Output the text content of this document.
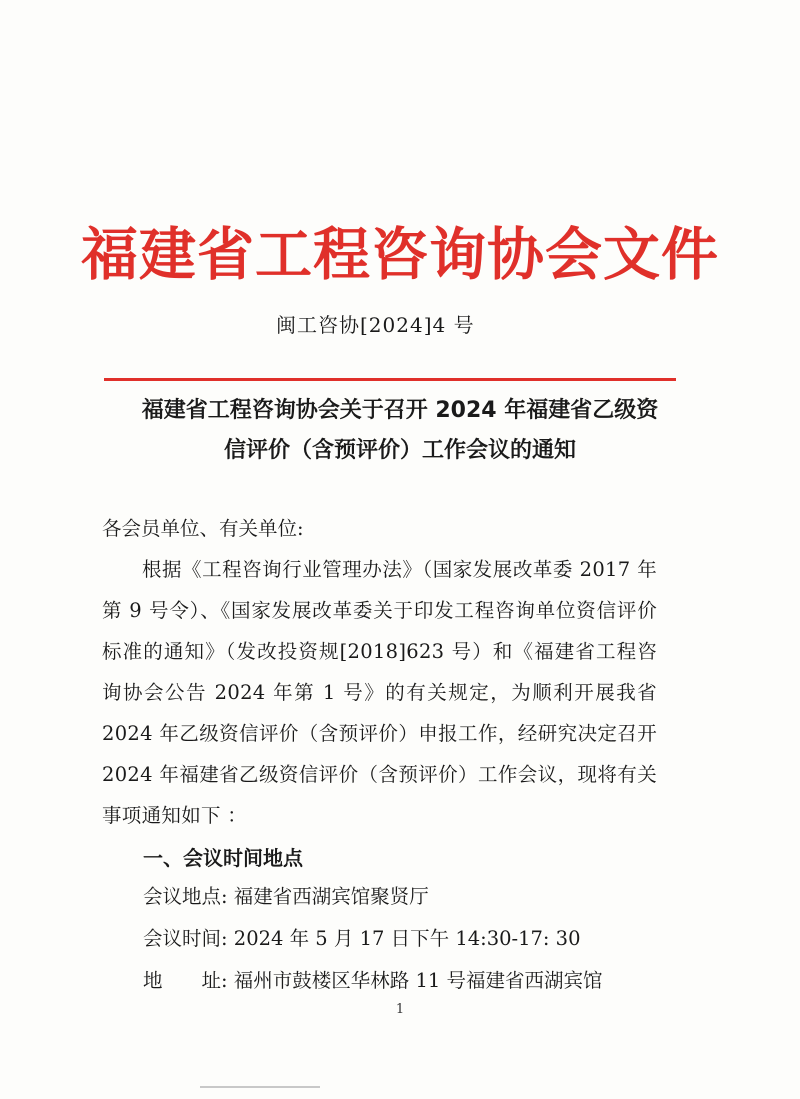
福建省工程咨询协会文件
闽工咨协[2024]4 号
福建省工程咨询协会关于召开 2024 年福建省乙级资
信评价（含预评价）工作会议的通知
各会员单位、有关单位:
根据《工程咨询行业管理办法》（国家发展改革委 2017 年第 9 号令）、《国家发展改革委关于印发工程咨询单位资信评价标准的通知》（发改投资规[2018]623 号）和《福建省工程咨询协会公告 2024 年第 1 号》的有关规定，为顺利开展我省 2024 年乙级资信评价（含预评价）申报工作，经研究决定召开 2024 年福建省乙级资信评价（含预评价）工作会议，现将有关事项通知如下 ：
一、会议时间地点
会议地点: 福建省西湖宾馆聚贤厅
会议时间: 2024 年 5 月 17 日下午 14:30-17: 30
地　　址: 福州市鼓楼区华林路 11 号福建省西湖宾馆
1
